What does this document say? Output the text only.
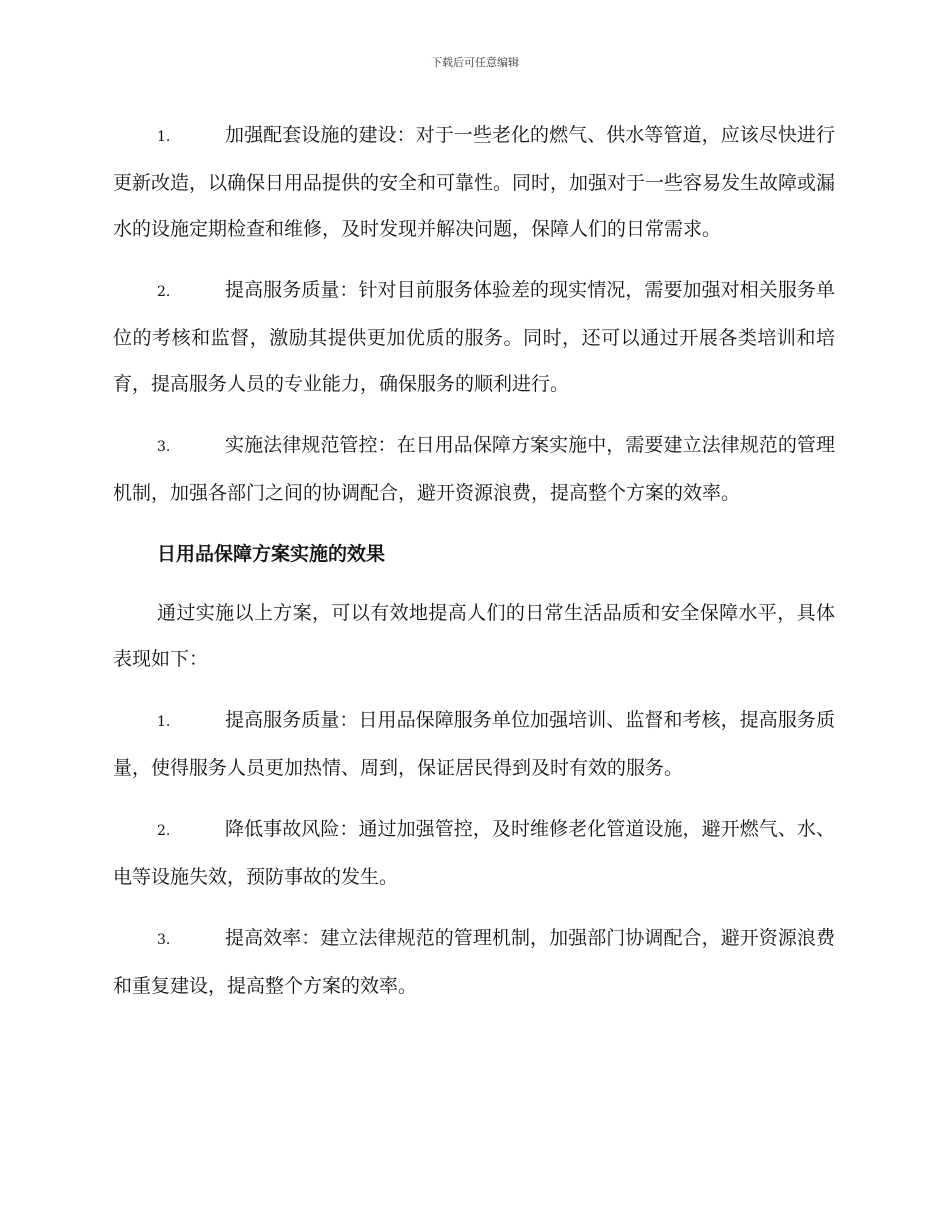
下载后可任意编辑

1.	加强配套设施的建设：对于一些老化的燃气、供水等管道，应该尽快进行更新改造，以确保日用品提供的安全和可靠性。同时，加强对于一些容易发生故障或漏水的设施定期检查和维修，及时发现并解决问题，保障人们的日常需求。

2.	提高服务质量：针对目前服务体验差的现实情况，需要加强对相关服务单位的考核和监督，激励其提供更加优质的服务。同时，还可以通过开展各类培训和培育，提高服务人员的专业能力，确保服务的顺利进行。

3.	实施法律规范管控：在日用品保障方案实施中，需要建立法律规范的管理机制，加强各部门之间的协调配合，避开资源浪费，提高整个方案的效率。

日用品保障方案实施的效果

通过实施以上方案，可以有效地提高人们的日常生活品质和安全保障水平，具体表现如下：

1.	提高服务质量：日用品保障服务单位加强培训、监督和考核，提高服务质量，使得服务人员更加热情、周到，保证居民得到及时有效的服务。

2.	降低事故风险：通过加强管控，及时维修老化管道设施，避开燃气、水、电等设施失效，预防事故的发生。

3.	提高效率：建立法律规范的管理机制，加强部门协调配合，避开资源浪费和重复建设，提高整个方案的效率。
